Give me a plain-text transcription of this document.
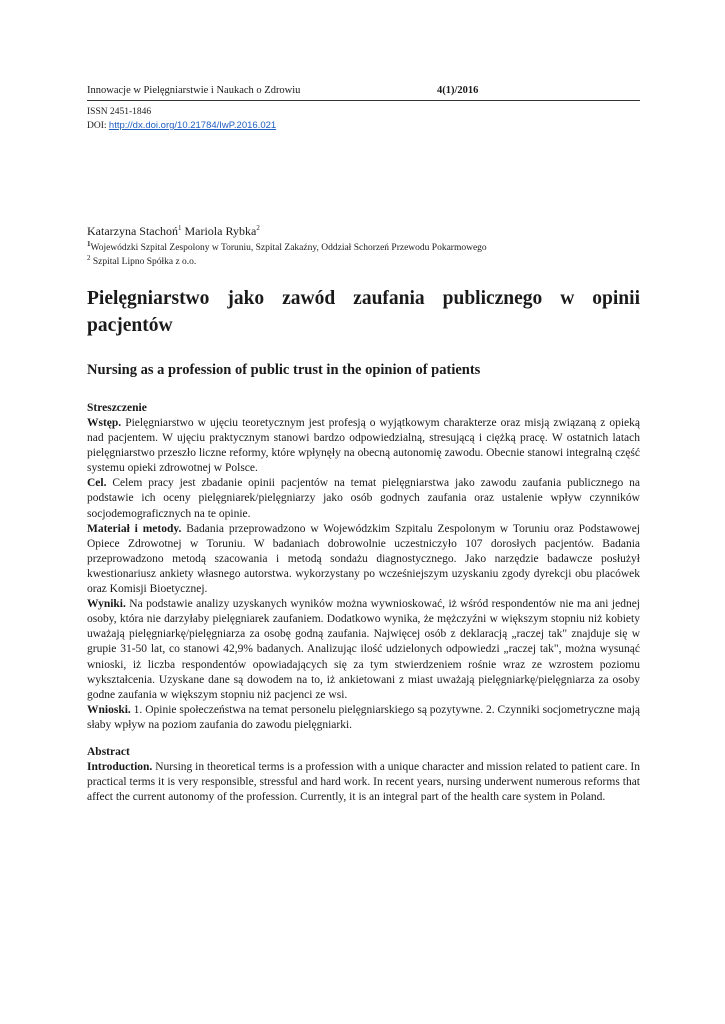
Innowacje w Pielęgniarstwie i Naukach o Zdrowiu	4(1)/2016
ISSN 2451-1846
DOI: http://dx.doi.org/10.21784/IwP.2016.021
Katarzyna Stachoń$^1$ Mariola Rybka$^2$
$^1$Wojewódzki Szpital Zespolony w Toruniu, Szpital Zakaźny, Oddział Schorzeń Przewodu Pokarmowego
$^2$ Szpital Lipno Spółka z o.o.
Pielęgniarstwo jako zawód zaufania publicznego w opinii pacjentów
Nursing as a profession of public trust in the opinion of patients
Streszczenie

Wstęp. Pielęgniarstwo w ujęciu teoretycznym jest profesją o wyjątkowym charakterze oraz misją związaną z opieką nad pacjentem. W ujęciu praktycznym stanowi bardzo odpowiedzialną, stresującą i ciężką pracę. W ostatnich latach pielęgniarstwo przeszło liczne reformy, które wpłynęły na obecną autonomię zawodu. Obecnie stanowi integralną część systemu opieki zdrowotnej w Polsce.

Cel. Celem pracy jest zbadanie opinii pacjentów na temat pielęgniarstwa jako zawodu zaufania publicznego na podstawie ich oceny pielęgniarek/pielęgniarzy jako osób godnych zaufania oraz ustalenie wpływ czynników socjodemograficznych na te opinie.

Materiał i metody. Badania przeprowadzono w Wojewódzkim Szpitalu Zespolonym w Toruniu oraz Podstawowej Opiece Zdrowotnej w Toruniu. W badaniach dobrowolnie uczestniczyło 107 dorosłych pacjentów. Badania przeprowadzono metodą szacowania i metodą sondażu diagnostycznego. Jako narzędzie badawcze posłużył kwestionariusz ankiety własnego autorstwa. wykorzystany po wcześniejszym uzyskaniu zgody dyrekcji obu placówek oraz Komisji Bioetycznej.

Wyniki. Na podstawie analizy uzyskanych wyników można wywnioskować, iż wśród respondentów nie ma ani jednej osoby, która nie darzyłaby pielęgniarek zaufaniem. Dodatkowo wynika, że mężczyźni w większym stopniu niż kobiety uważają pielęgniarkę/pielęgniarza za osobę godną zaufania. Najwięcej osób z deklaracją „raczej tak" znajduje się w grupie 31-50 lat, co stanowi 42,9% badanych. Analizując ilość udzielonych odpowiedzi „raczej tak", można wysunąć wnioski, iż liczba respondentów opowiadających się za tym stwierdzeniem rośnie wraz ze wzrostem poziomu wykształcenia. Uzyskane dane są dowodem na to, iż ankietowani z miast uważają pielęgniarkę/pielęgniarza za osoby godne zaufania w większym stopniu niż pacjenci ze wsi.

Wnioski. 1. Opinie społeczeństwa na temat personelu pielęgniarskiego są pozytywne. 2. Czynniki socjometryczne mają słaby wpływ na poziom zaufania do zawodu pielęgniarki.

Abstract

Introduction. Nursing in theoretical terms is a profession with a unique character and mission related to patient care. In practical terms it is very responsible, stressful and hard work. In recent years, nursing underwent numerous reforms that affect the current autonomy of the profession. Currently, it is an integral part of the health care system in Poland.
